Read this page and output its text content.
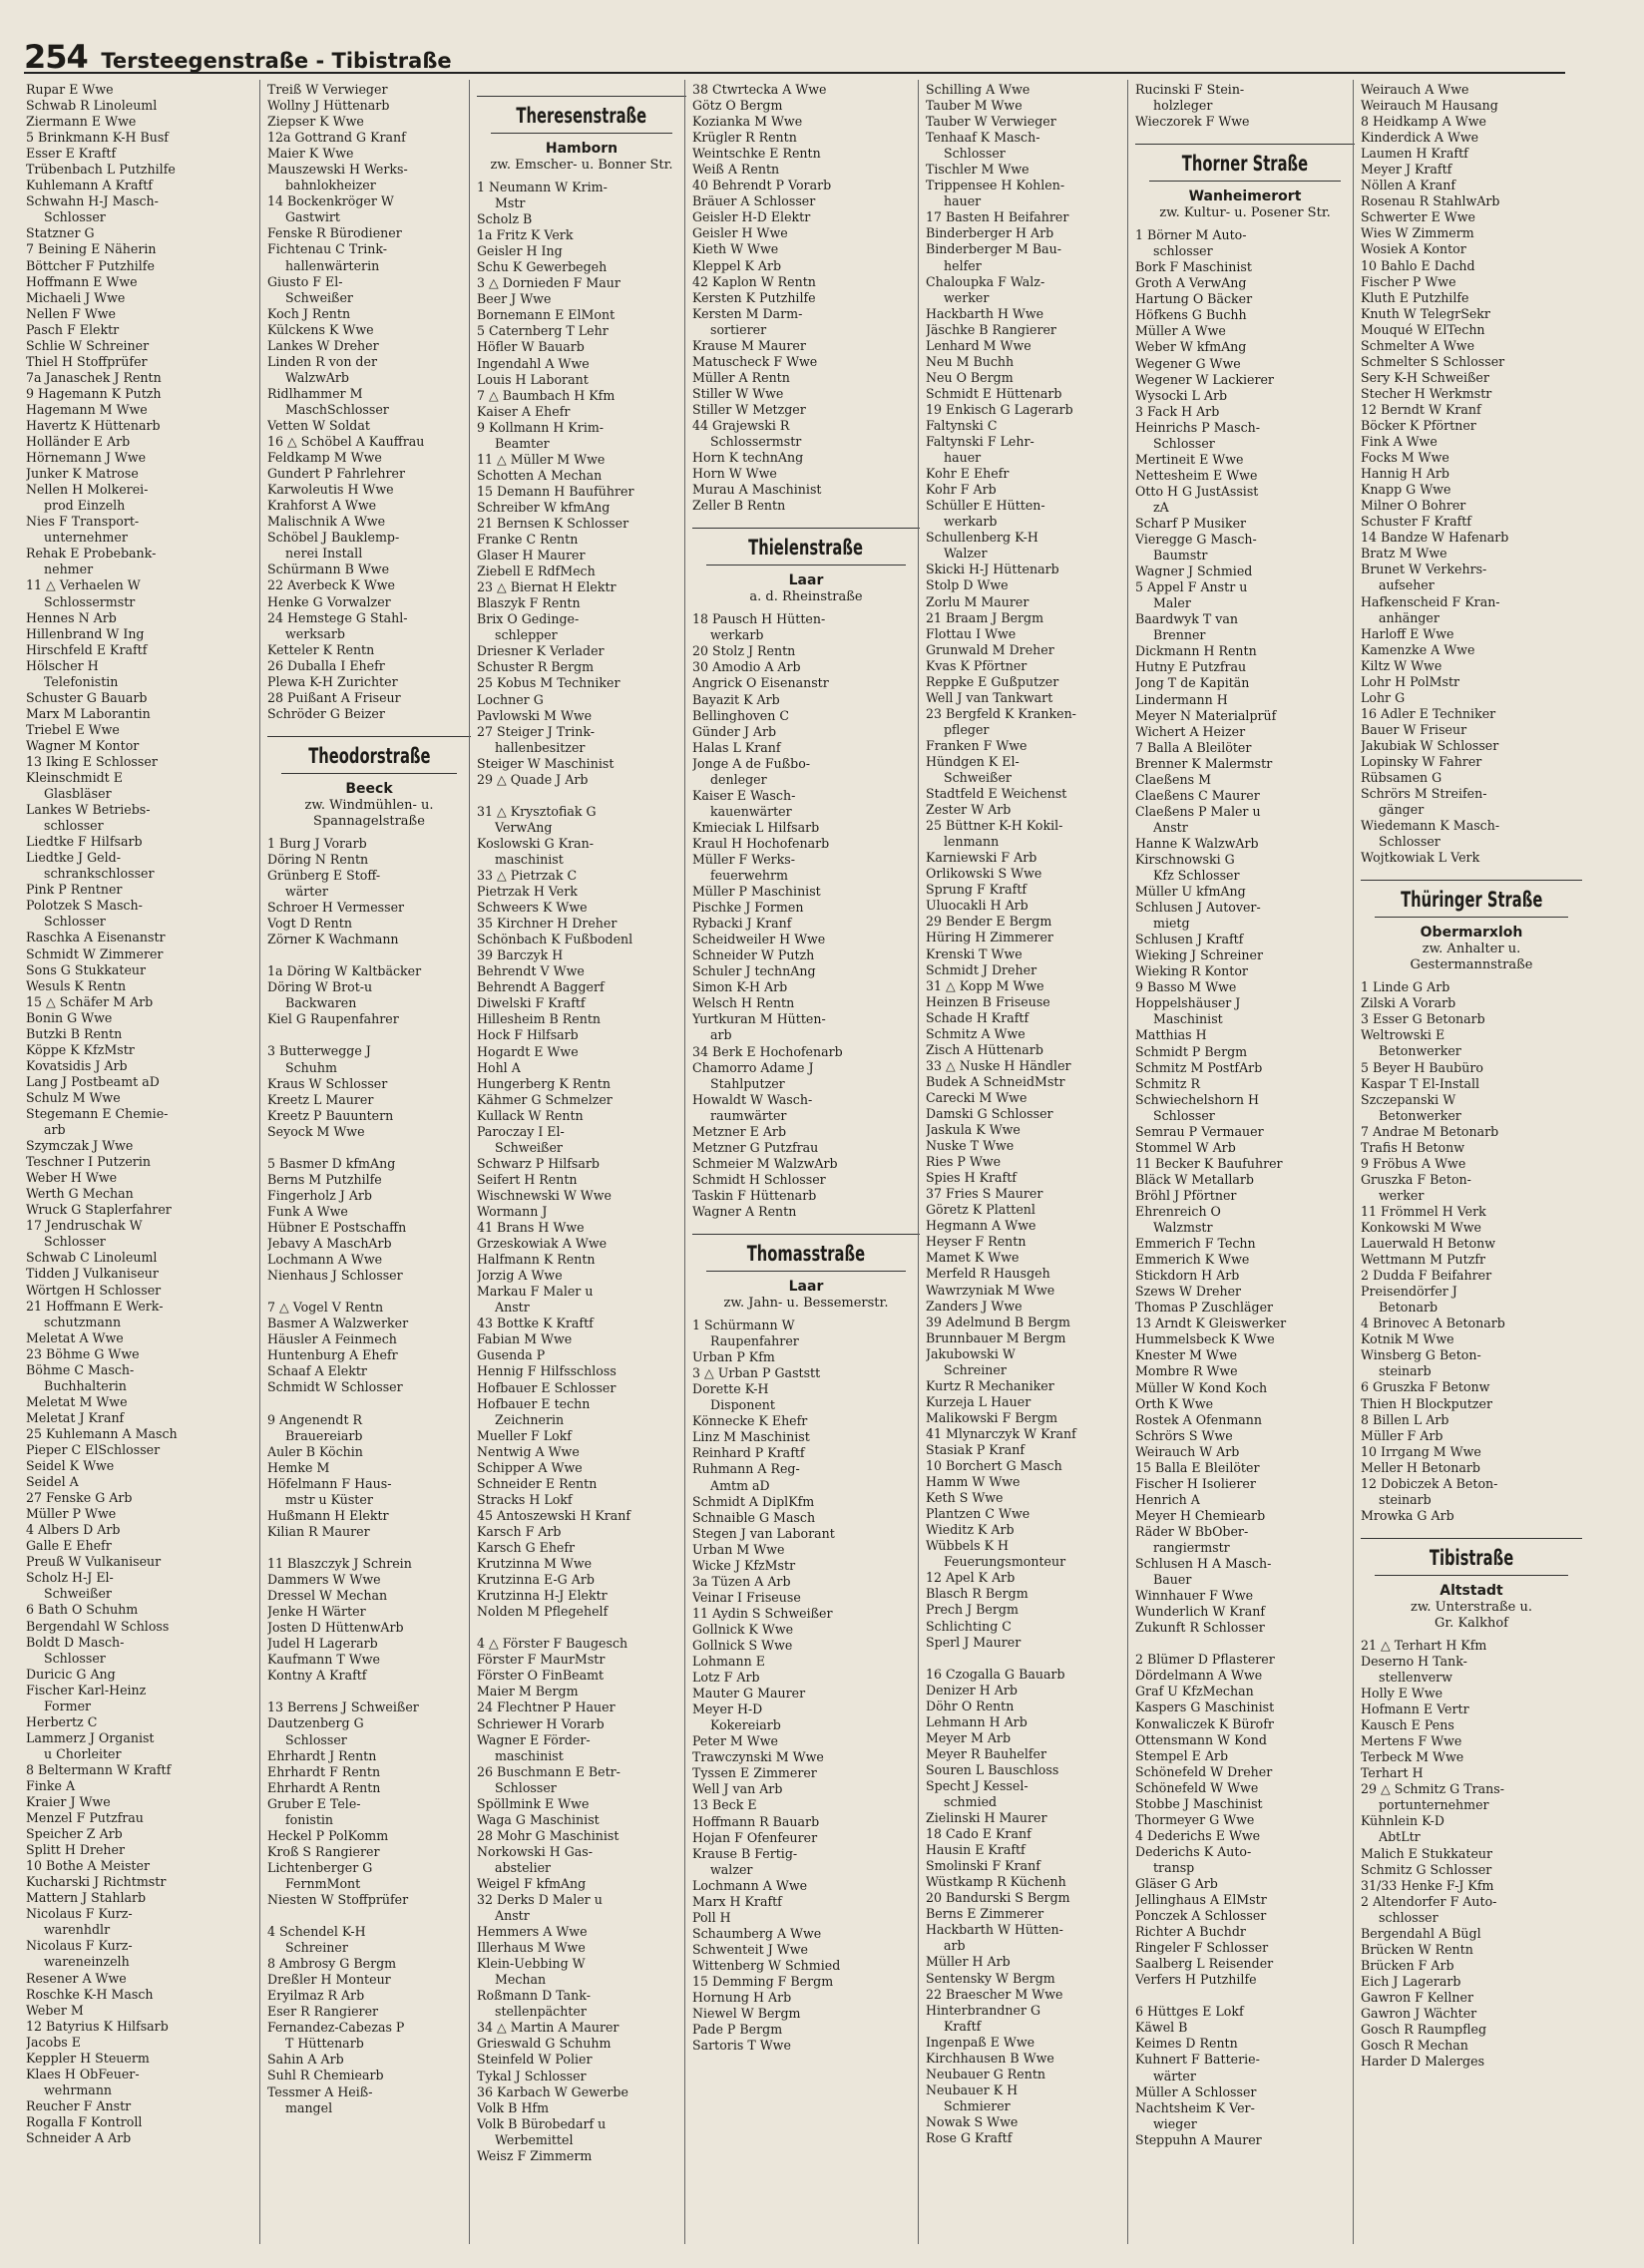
254 Tersteegenstraße - Tibistraße
Rupar E Wwe
Schwab R Linoleuml
Ziermann E Wwe
5 Brinkmann K-H Busf
Esser E Kraftf
Trübenbach L Putzhilfe
Kuhlemann A Kraftf
Schwahn H-J Masch-
Schlosser
Statzner G
7 Beining E Näherin
Böttcher F Putzhilfe
Hoffmann E Wwe
Michaeli J Wwe
Nellen F Wwe
Pasch F Elektr
Schlie W Schreiner
Thiel H Stoffprüfer
7a Janaschek J Rentn
9 Hagemann K Putzh
Hagemann M Wwe
Havertz K Hüttenarb
Holländer E Arb
Hörnemann J Wwe
Junker K Matrose
Nellen H Molkerei-
prod Einzelh
Nies F Transport-
unternehmer
Rehak E Probebank-
nehmer
11 △ Verhaelen W
Schlossermstr
Hennes N Arb
Hillenbrand W Ing
Hirschfeld E Kraftf
Hölscher H
Telefonistin
Schuster G Bauarb
Marx M Laborantin
Triebel E Wwe
Wagner M Kontor
13 Iking E Schlosser
Kleinschmidt E
Glasbläser
Lankes W Betriebs-
schlosser
Liedtke F Hilfsarb
Liedtke J Geld-
schrankschlosser
Pink P Rentner
Polotzek S Masch-
Schlosser
Raschka A Eisenanstr
Schmidt W Zimmerer
Sons G Stukkateur
Wesuls K Rentn
15 △ Schäfer M Arb
Bonin G Wwe
Butzki B Rentn
Köppe K KfzMstr
Kovatsidis J Arb
Lang J Postbeamt aD
Schulz M Wwe
Stegemann E Chemie-
arb
Szymczak J Wwe
Teschner I Putzerin
Weber H Wwe
Werth G Mechan
Wruck G Staplerfahrer
17 Jendruschak W
Schlosser
Schwab C Linoleuml
Tidden J Vulkaniseur
Wörtgen H Schlosser
21 Hoffmann E Werk-
schutzmann
Meletat A Wwe
23 Böhme G Wwe
Böhme C Masch-
Buchhalterin
Meletat M Wwe
Meletat J Kranf
25 Kuhlemann A Masch
Pieper C ElSchlosser
Seidel K Wwe
Seidel A
27 Fenske G Arb
Müller P Wwe
4 Albers D Arb
Galle E Ehefr
Preuß W Vulkaniseur
Scholz H-J El-
Schweißer
6 Bath O Schuhm
Bergendahl W Schloss
Boldt D Masch-
Schlosser
Duricic G Ang
Fischer Karl-Heinz
Former
Herbertz C
Lammerz J Organist
u Chorleiter
8 Beltermann W Kraftf
Finke A
Kraier J Wwe
Menzel F Putzfrau
Speicher Z Arb
Splitt H Dreher
10 Bothe A Meister
Kucharski J Richtmstr
Mattern J Stahlarb
Nicolaus F Kurz-
warenhdlr
Nicolaus F Kurz-
wareneinzelh
Resener A Wwe
Roschke K-H Masch
Weber M
12 Batyrius K Hilfsarb
Jacobs E
Keppler H Steuerm
Klaes H ObFeuer-
wehrmann
Reucher F Anstr
Rogalla F Kontroll
Schneider A Arb
Treiß W Verwieger
Wollny J Hüttenarb
Ziepser K Wwe
12a Gottrand G Kranf
Maier K Wwe
Mauszewski H Werks-
bahnlokheizer
14 Bockenkröger W
Gastwirt
Fenske R Bürodiener
Fichtenau C Trink-
hallenwärterin
Giusto F El-
Schweißer
Koch J Rentn
Külckens K Wwe
Lankes W Dreher
Linden R von der
WalzwArb
Ridlhammer M
MaschSchlosser
Vetten W Soldat
16 △ Schöbel A Kauffrau
Feldkamp M Wwe
Gundert P Fahrlehrer
Karwoleutis H Wwe
Krahforst A Wwe
Malischnik A Wwe
Schöbel J Bauklemp-
nerei Install
Schürmann B Wwe
22 Averbeck K Wwe
Henke G Vorwalzer
24 Hemstege G Stahl-
werksarb
Ketteler K Rentn
26 Duballa I Ehefr
Plewa K-H Zurichter
28 Puißant A Friseur
Schröder G Beizer
Theodorstraße
Beeck
zw. Windmühlen- u.
Spannagelstraße
1 Burg J Vorarb
Döring N Rentn
Grünberg E Stoff-
wärter
Schroer H Vermesser
Vogt D Rentn
Zörner K Wachmann

1a Döring W Kaltbäcker
Döring W Brot-u
Backwaren
Kiel G Raupenfahrer

3 Butterwegge J
Schuhm
Kraus W Schlosser
Kreetz L Maurer
Kreetz P Bauuntern
Seyock M Wwe

5 Basmer D kfmAng
Berns M Putzhilfe
Fingerholz J Arb
Funk A Wwe
Hübner E Postschaffn
Jebavy A MaschArb
Lochmann A Wwe
Nienhaus J Schlosser

7 △ Vogel V Rentn
Basmer A Walzwerker
Häusler A Feinmech
Huntenburg A Ehefr
Schaaf A Elektr
Schmidt W Schlosser

9 Angenendt R
Brauereiarb
Auler B Köchin
Hemke M
Höfelmann F Haus-
mstr u Küster
Hußmann H Elektr
Kilian R Maurer

11 Blaszczyk J Schrein
Dammers W Wwe
Dressel W Mechan
Jenke H Wärter
Josten D HüttenwArb
Judel H Lagerarb
Kaufmann T Wwe
Kontny A Kraftf

13 Berrens J Schweißer
Dautzenberg G
Schlosser
Ehrhardt J Rentn
Ehrhardt F Rentn
Ehrhardt A Rentn
Gruber E Tele-
fonistin
Heckel P PolKomm
Kroß S Rangierer
Lichtenberger G
FernmMont
Niesten W Stoffprüfer

4 Schendel K-H
Schreiner
8 Ambrosy G Bergm
Dreßler H Monteur
Eryilmaz R Arb
Eser R Rangierer
Fernandez-Cabezas P
T Hüttenarb
Sahin A Arb
Suhl R Chemiearb
Tessmer A Heiß-
mangel
Theresenstraße
Hamborn
zw. Emscher- u. Bonner Str.
1 Neumann W Krim-
Mstr
Scholz B
1a Fritz K Verk
Geisler H Ing
Schu K Gewerbegeh
3 △ Dornieden F Maur
Beer J Wwe
Bornemann E ElMont
5 Caternberg T Lehr
Höfler W Bauarb
Ingendahl A Wwe
Louis H Laborant
7 △ Baumbach H Kfm
Kaiser A Ehefr
9 Kollmann H Krim-
Beamter
11 △ Müller M Wwe
Schotten A Mechan
15 Demann H Bauführer
Schreiber W kfmAng
21 Bernsen K Schlosser
Franke C Rentn
Glaser H Maurer
Ziebell E RdfMech
23 △ Biernat H Elektr
Blaszyk F Rentn
Brix O Gedinge-
schlepper
Driesner K Verlader
Schuster R Bergm
25 Kobus M Techniker
Lochner G
Pavlowski M Wwe
27 Steiger J Trink-
hallenbesitzer
Steiger W Maschinist
29 △ Quade J Arb

31 △ Krysztofiak G
VerwAng
Koslowski G Kran-
maschinist
33 △ Pietrzak C
Pietrzak H Verk
Schweers K Wwe
35 Kirchner H Dreher
Schönbach K Fußbodenl
39 Barczyk H
Behrendt V Wwe
Behrendt A Baggerf
Diwelski F Kraftf
Hillesheim B Rentn
Hock F Hilfsarb
Hogardt E Wwe
Hohl A
Hungerberg K Rentn
Kähmer G Schmelzer
Kullack W Rentn
Paroczay I El-
Schweißer
Schwarz P Hilfsarb
Seifert H Rentn
Wischnewski W Wwe
Wormann J
41 Brans H Wwe
Grzeskowiak A Wwe
Halfmann K Rentn
Jorzig A Wwe
Markau F Maler u
Anstr
43 Bottke K Kraftf
Fabian M Wwe
Gusenda P
Hennig F Hilfsschloss
Hofbauer E Schlosser
Hofbauer E techn
Zeichnerin
Mueller F Lokf
Nentwig A Wwe
Schipper A Wwe
Schneider E Rentn
Stracks H Lokf
45 Antoszewski H Kranf
Karsch F Arb
Karsch G Ehefr
Krutzinna M Wwe
Krutzinna E-G Arb
Krutzinna H-J Elektr
Nolden M Pflegehelf

4 △ Förster F Baugesch
Förster F MaurMstr
Förster O FinBeamt
Maier M Bergm
24 Flechtner P Hauer
Schriewer H Vorarb
Wagner E Förder-
maschinist
26 Buschmann E Betr-
Schlosser
Spöllmink E Wwe
Waga G Maschinist
28 Mohr G Maschinist
Norkowski H Gas-
abstelier
Weigel F kfmAng
32 Derks D Maler u
Anstr
Hemmers A Wwe
Illerhaus M Wwe
Klein-Uebbing W
Mechan
Roßmann D Tank-
stellenpächter
34 △ Martin A Maurer
Grieswald G Schuhm
Steinfeld W Polier
Tykal J Schlosser
36 Karbach W Gewerbe
Volk B Hfm
Volk B Bürobedarf u
Werbemittel
Weisz F Zimmerm
38 Ctwrtecka A Wwe
Götz O Bergm
Kozianka M Wwe
Krügler R Rentn
Weintschke E Rentn
Weiß A Rentn
40 Behrendt P Vorarb
Bräuer A Schlosser
Geisler H-D Elektr
Geisler H Wwe
Kieth W Wwe
Kleppel K Arb
42 Kaplon W Rentn
Kersten K Putzhilfe
Kersten M Darm-
sortierer
Krause M Maurer
Matuscheck F Wwe
Müller A Rentn
Stiller W Wwe
Stiller W Metzger
44 Grajewski R
Schlossermstr
Horn K technAng
Horn W Wwe
Murau A Maschinist
Zeller B Rentn
Thielenstraße
Laar
a. d. Rheinstraße
18 Pausch H Hütten-
werkarb
20 Stolz J Rentn
30 Amodio A Arb
Angrick O Eisenanstr
Bayazit K Arb
Bellinghoven C
Günder J Arb
Halas L Kranf
Jonge A de Fußbo-
denleger
Kaiser E Wasch-
kauenwärter
Kmieciak L Hilfsarb
Kraul H Hochofenarb
Müller F Werks-
feuerwehrm
Müller P Maschinist
Pischke J Formen
Rybacki J Kranf
Scheidweiler H Wwe
Schneider W Putzh
Schuler J technAng
Simon K-H Arb
Welsch H Rentn
Yurtkuran M Hütten-
arb
34 Berk E Hochofenarb
Chamorro Adame J
Stahlputzer
Howaldt W Wasch-
raumwärter
Metzner E Arb
Metzner G Putzfrau
Schmeier M WalzwArb
Schmidt H Schlosser
Taskin F Hüttenarb
Wagner A Rentn
Thomasstraße
Laar
zw. Jahn- u. Bessemerstr.
1 Schürmann W
Raupenfahrer
Urban P Kfm
3 △ Urban P Gaststt
Dorette K-H
Disponent
Könnecke K Ehefr
Linz M Maschinist
Reinhard P Kraftf
Ruhmann A Reg-
Amtm aD
Schmidt A DiplKfm
Schnaible G Masch
Stegen J van Laborant
Urban M Wwe
Wicke J KfzMstr
3a Tüzen A Arb
Veinar I Friseuse
11 Aydin S Schweißer
Gollnick K Wwe
Gollnick S Wwe
Lohmann E
Lotz F Arb
Mauter G Maurer
Meyer H-D
Kokereiarb
Peter M Wwe
Trawczynski M Wwe
Tyssen E Zimmerer
Well J van Arb
13 Beck E
Hoffmann R Bauarb
Hojan F Ofenfeurer
Krause B Fertig-
walzer
Lochmann A Wwe
Marx H Kraftf
Poll H
Schaumberg A Wwe
Schwenteit J Wwe
Wittenberg W Schmied
15 Demming F Bergm
Hornung H Arb
Niewel W Bergm
Pade P Bergm
Sartoris T Wwe
Schilling A Wwe
Tauber M Wwe
Tauber W Verwieger
Tenhaaf K Masch-
Schlosser
Tischler M Wwe
Trippensee H Kohlen-
hauer
17 Basten H Beifahrer
Binderberger H Arb
Binderberger M Bau-
helfer
Chaloupka F Walz-
werker
Hackbarth H Wwe
Jäschke B Rangierer
Lenhard M Wwe
Neu M Buchh
Neu O Bergm
Schmidt E Hüttenarb
19 Enkisch G Lagerarb
Faltynski C
Faltynski F Lehr-
hauer
Kohr E Ehefr
Kohr F Arb
Schüller E Hütten-
werkarb
Schullenberg K-H
Walzer
Skicki H-J Hüttenarb
Stolp D Wwe
Zorlu M Maurer
21 Braam J Bergm
Flottau I Wwe
Grunwald M Dreher
Kvas K Pförtner
Reppke E Gußputzer
Well J van Tankwart
23 Bergfeld K Kranken-
pfleger
Franken F Wwe
Hündgen K El-
Schweißer
Stadtfeld E Weichenst
Zester W Arb
25 Büttner K-H Kokil-
lenmann
Karniewski F Arb
Orlikowski S Wwe
Sprung F Kraftf
Uluocakli H Arb
29 Bender E Bergm
Hüring H Zimmerer
Krenski T Wwe
Schmidt J Dreher
31 △ Kopp M Wwe
Heinzen B Friseuse
Schade H Kraftf
Schmitz A Wwe
Zisch A Hüttenarb
33 △ Nuske H Händler
Budek A SchneidMstr
Carecki M Wwe
Damski G Schlosser
Jaskula K Wwe
Nuske T Wwe
Ries P Wwe
Spies H Kraftf
37 Fries S Maurer
Göretz K Plattenl
Hegmann A Wwe
Heyser F Rentn
Mamet K Wwe
Merfeld R Hausgeh
Wawrzyniak M Wwe
Zanders J Wwe
39 Adelmund B Bergm
Brunnbauer M Bergm
Jakubowski W
Schreiner
Kurtz R Mechaniker
Kurzeja L Hauer
Malikowski F Bergm
41 Mlynarczyk W Kranf
Stasiak P Kranf
10 Borchert G Masch
Hamm W Wwe
Keth S Wwe
Plantzen C Wwe
Wieditz K Arb
Wübbels K H
Feuerungsmonteur
12 Apel K Arb
Blasch R Bergm
Prech J Bergm
Schlichting C
Sperl J Maurer

16 Czogalla G Bauarb
Denizer H Arb
Döhr O Rentn
Lehmann H Arb
Meyer M Arb
Meyer R Bauhelfer
Souren L Bauschloss
Specht J Kessel-
schmied
Zielinski H Maurer
18 Cado E Kranf
Hausin E Kraftf
Smolinski F Kranf
Wüstkamp R Küchenh
20 Bandurski S Bergm
Berns E Zimmerer
Hackbarth W Hütten-
arb
Müller H Arb
Sentensky W Bergm
22 Braescher M Wwe
Hinterbrandner G
Kraftf
Ingenpaß E Wwe
Kirchhausen B Wwe
Neubauer G Rentn
Neubauer K H
Schmierer
Nowak S Wwe
Rose G Kraftf
Rucinski F Stein-
holzleger
Wieczorek F Wwe
Thorner Straße
Wanheimerort
zw. Kultur- u. Posener Str.
1 Börner M Auto-
schlosser
Bork F Maschinist
Groth A VerwAng
Hartung O Bäcker
Höfkens G Buchh
Müller A Wwe
Weber W kfmAng
Wegener G Wwe
Wegener W Lackierer
Wysocki L Arb
3 Fack H Arb
Heinrichs P Masch-
Schlosser
Mertineit E Wwe
Nettesheim E Wwe
Otto H G JustAssist
zA
Scharf P Musiker
Vieregge G Masch-
Baumstr
Wagner J Schmied
5 Appel F Anstr u
Maler
Baardwyk T van
Brenner
Dickmann H Rentn
Hutny E Putzfrau
Jong T de Kapitän
Lindermann H
Meyer N Materialprüf
Wichert A Heizer
7 Balla A Bleilöter
Brenner K Malermstr
Claeßens M
Claeßens C Maurer
Claeßens P Maler u
Anstr
Hanne K WalzwArb
Kirschnowski G
Kfz Schlosser
Müller U kfmAng
Schlusen J Autover-
mietg
Schlusen J Kraftf
Wieking J Schreiner
Wieking R Kontor
9 Basso M Wwe
Hoppelshäuser J
Maschinist
Matthias H
Schmidt P Bergm
Schmitz M PostfArb
Schmitz R
Schwiechelshorn H
Schlosser
Semrau P Vermauer
Stommel W Arb
11 Becker K Baufuhrer
Bläck W Metallarb
Bröhl J Pförtner
Ehrenreich O
Walzmstr
Emmerich F Techn
Emmerich K Wwe
Stickdorn H Arb
Szews W Dreher
Thomas P Zuschläger
13 Arndt K Gleiswerker
Hummelsbeck K Wwe
Knester M Wwe
Mombre R Wwe
Müller W Kond Koch
Orth K Wwe
Rostek A Ofenmann
Schrörs S Wwe
Weirauch W Arb
15 Balla E Bleilöter
Fischer H Isolierer
Henrich A
Meyer H Chemiearb
Räder W BbOber-
rangiermstr
Schlusen H A Masch-
Bauer
Winnhauer F Wwe
Wunderlich W Kranf
Zukunft R Schlosser

2 Blümer D Pflasterer
Dördelmann A Wwe
Graf U KfzMechan
Kaspers G Maschinist
Konwaliczek K Bürofr
Ottensmann W Kond
Stempel E Arb
Schönefeld W Dreher
Schönefeld W Wwe
Stobbe J Maschinist
Thormeyer G Wwe
4 Dederichs E Wwe
Dederichs K Auto-
transp
Gläser G Arb
Jellinghaus A ElMstr
Ponczek A Schlosser
Richter A Buchdr
Ringeler F Schlosser
Saalberg L Reisender
Verfers H Putzhilfe

6 Hüttges E Lokf
Käwel B
Keimes D Rentn
Kuhnert F Batterie-
wärter
Müller A Schlosser
Nachtsheim K Ver-
wieger
Steppuhn A Maurer
Weirauch A Wwe
Weirauch M Hausang
8 Heidkamp A Wwe
Kinderdick A Wwe
Laumen H Kraftf
Meyer J Kraftf
Nöllen A Kranf
Rosenau R StahlwArb
Schwerter E Wwe
Wies W Zimmerm
Wosiek A Kontor
10 Bahlo E Dachd
Fischer P Wwe
Kluth E Putzhilfe
Knuth W TelegrSekr
Mouqué W ElTechn
Schmelter A Wwe
Schmelter S Schlosser
Sery K-H Schweißer
Stecher H Werkmstr
12 Berndt W Kranf
Böcker K Pförtner
Fink A Wwe
Focks M Wwe
Hannig H Arb
Knapp G Wwe
Milner O Bohrer
Schuster F Kraftf
14 Bandze W Hafenarb
Bratz M Wwe
Brunet W Verkehrs-
aufseher
Hafkenscheid F Kran-
anhänger
Harloff E Wwe
Kamenzke A Wwe
Kiltz W Wwe
Lohr H PolMstr
Lohr G
16 Adler E Techniker
Bauer W Friseur
Jakubiak W Schlosser
Lopinsky W Fahrer
Rübsamen G
Schrörs M Streifen-
gänger
Wiedemann K Masch-
Schlosser
Wojtkowiak L Verk
Thüringer Straße
Obermarxloh
zw. Anhalter u.
Gestermannstraße
1 Linde G Arb
Zilski A Vorarb
3 Esser G Betonarb
Weltrowski E
Betonwerker
5 Beyer H Baubüro
Kaspar T El-Install
Szczepanski W
Betonwerker
7 Andrae M Betonarb
Trafis H Betonw
9 Fröbus A Wwe
Gruszka F Beton-
werker
11 Frömmel H Verk
Konkowski M Wwe
Lauerwald H Betonw
Wettmann M Putzfr
2 Dudda F Beifahrer
Preisendörfer J
Betonarb
4 Brinovec A Betonarb
Kotnik M Wwe
Winsberg G Beton-
steinarb
6 Gruszka F Betonw
Thien H Blockputzer
8 Billen L Arb
Müller F Arb
10 Irrgang M Wwe
Meller H Betonarb
12 Dobiczek A Beton-
steinarb
Mrowka G Arb
Tibistraße
Altstadt
zw. Unterstraße u.
Gr. Kalkhof
21 △ Terhart H Kfm
Deserno H Tank-
stellenverw
Holly E Wwe
Hofmann E Vertr
Kausch E Pens
Mertens F Wwe
Terbeck M Wwe
Terhart H
29 △ Schmitz G Trans-
portunternehmer
Kühnlein K-D
AbtLtr
Malich E Stukkateur
Schmitz G Schlosser
31/33 Henke F-J Kfm
2 Altendorfer F Auto-
schlosser
Bergendahl A Bügl
Brücken W Rentn
Brücken F Arb
Eich J Lagerarb
Gawron F Kellner
Gawron J Wächter
Gosch R Raumpfleg
Gosch R Mechan
Harder D Malerges
